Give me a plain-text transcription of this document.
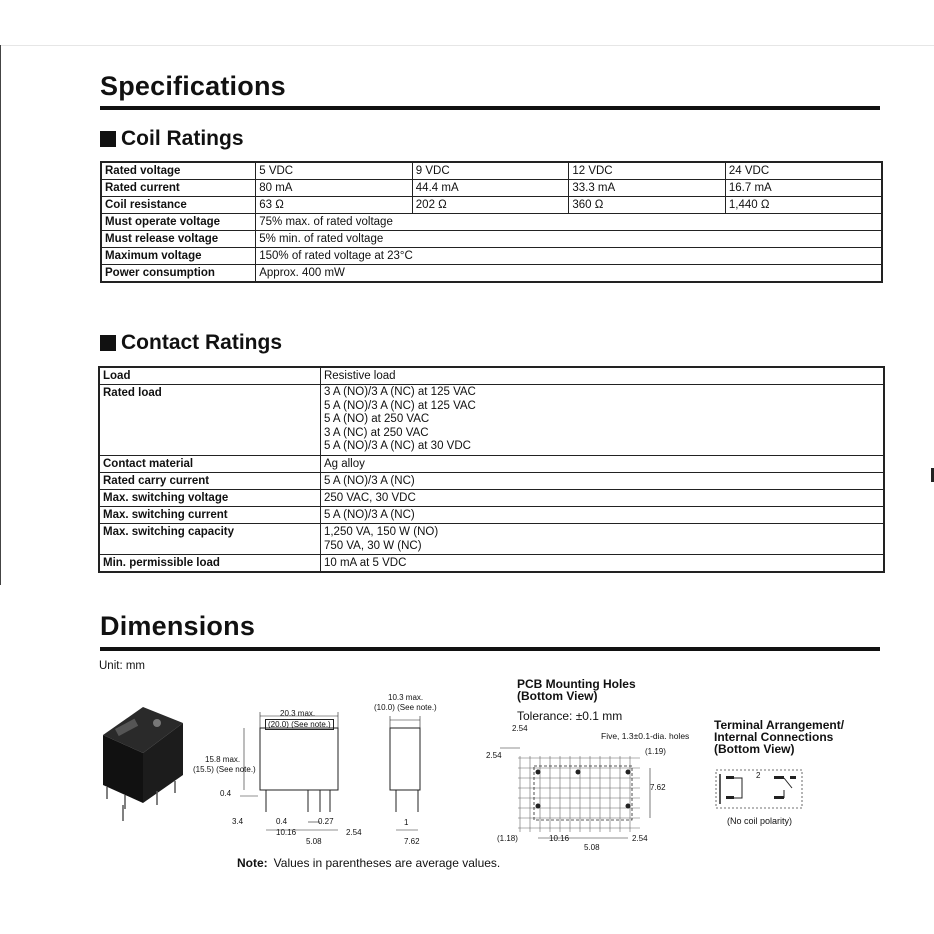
Specifications
Coil Ratings
Rated voltage	5 VDC	9 VDC	12 VDC	24 VDC
Rated current	80 mA	44.4 mA	33.3 mA	16.7 mA
Coil resistance	63 Ω	202 Ω	360 Ω	1,440 Ω
Must operate voltage	75% max. of rated voltage			
Must release voltage	5% min. of rated voltage			
Maximum voltage	150% of rated voltage at 23°C			
Power consumption	Approx. 400 mW			
Contact Ratings
Load	Resistive load

Rated load	3 A (NO)/3 A (NC) at 125 VAC
5 A (NO)/3 A (NC) at 125 VAC
5 A (NO) at 250 VAC
3 A (NC) at 250 VAC
5 A (NO)/3 A (NC) at 30 VDC

Contact material	Ag alloy

Rated carry current	5 A (NO)/3 A (NC)

Max. switching voltage	250 VAC, 30 VDC

Max. switching current	5 A (NO)/3 A (NC)

Max. switching capacity	1,250 VA, 150 W (NO)
750 VA, 30 W (NC)

Min. permissible load	10 mA at 5 VDC
Dimensions
Unit: mm
20.3 max.
(20.0) (See note.)
15.8 max.
(15.5) (See note.)
0.4
3.4	0.4	0.27
10.16	2.54
5.08
10.3 max.
(10.0) (See note.)
1
7.62
PCB Mounting Holes
(Bottom View)
Tolerance: ±0.1 mm
2.54
2.54
Five, 1.3±0.1-dia. holes
(1.19)
7.62
(1.18)	10.16	2.54
5.08
Terminal Arrangement/
Internal Connections
(Bottom View)
2
(No coil polarity)
Note: Values in parentheses are average values.
